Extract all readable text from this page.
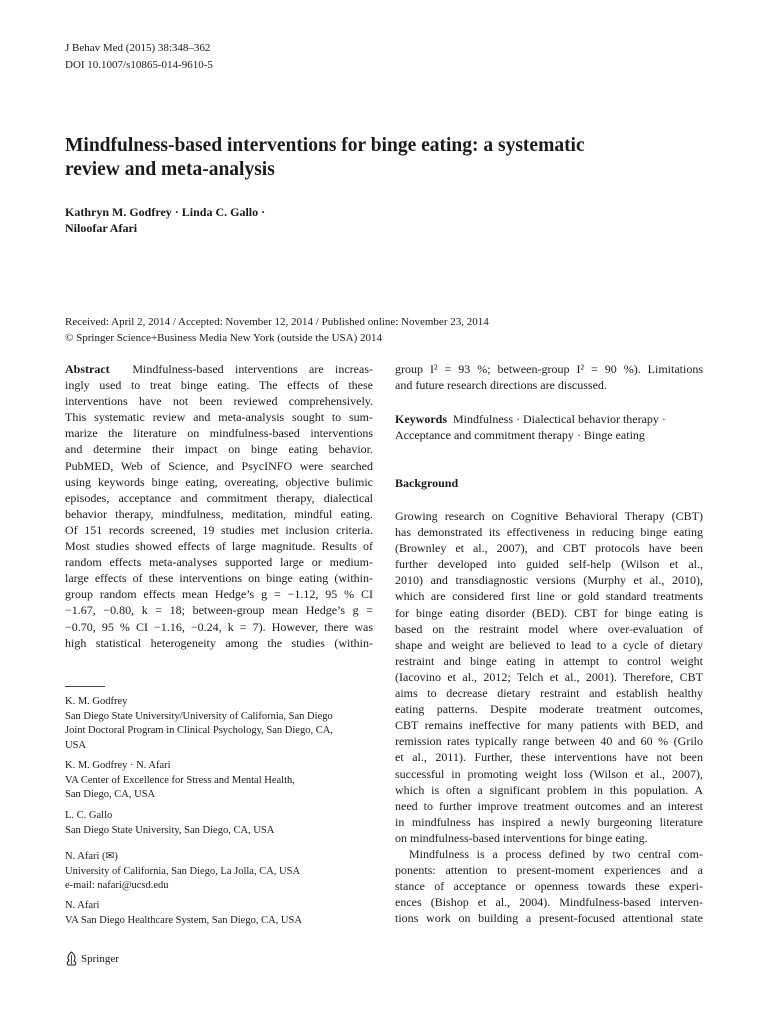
J Behav Med (2015) 38:348–362
DOI 10.1007/s10865-014-9610-5
Mindfulness-based interventions for binge eating: a systematic
review and meta-analysis
Kathryn M. Godfrey · Linda C. Gallo ·
Niloofar Afari
Received: April 2, 2014 / Accepted: November 12, 2014 / Published online: November 23, 2014
© Springer Science+Business Media New York (outside the USA) 2014
Abstract Mindfulness-based interventions are increas-
ingly used to treat binge eating. The effects of these
interventions have not been reviewed comprehensively.
This systematic review and meta-analysis sought to sum-
marize the literature on mindfulness-based interventions
and determine their impact on binge eating behavior.
PubMED, Web of Science, and PsycINFO were searched
using keywords binge eating, overeating, objective bulimic
episodes, acceptance and commitment therapy, dialectical
behavior therapy, mindfulness, meditation, mindful eating.
Of 151 records screened, 19 studies met inclusion criteria.
Most studies showed effects of large magnitude. Results of
random effects meta-analyses supported large or medium-
large effects of these interventions on binge eating (within-
group random effects mean Hedge’s g = −1.12, 95 % CI
−1.67, −0.80, k = 18; between-group mean Hedge’s g =
−0.70, 95 % CI −1.16, −0.24, k = 7). However, there was
high statistical heterogeneity among the studies (within-
K. M. Godfrey
San Diego State University/University of California, San Diego
Joint Doctoral Program in Clinical Psychology, San Diego, CA,
USA
K. M. Godfrey · N. Afari
VA Center of Excellence for Stress and Mental Health,
San Diego, CA, USA
L. C. Gallo
San Diego State University, San Diego, CA, USA
N. Afari (✉)
University of California, San Diego, La Jolla, CA, USA
e-mail: nafari@ucsd.edu
N. Afari
VA San Diego Healthcare System, San Diego, CA, USA
group I² = 93 %; between-group I² = 90 %). Limitations
and future research directions are discussed.
Keywords Mindfulness · Dialectical behavior therapy ·
Acceptance and commitment therapy · Binge eating
Background
Growing research on Cognitive Behavioral Therapy (CBT)
has demonstrated its effectiveness in reducing binge eating
(Brownley et al., 2007), and CBT protocols have been
further developed into guided self-help (Wilson et al.,
2010) and transdiagnostic versions (Murphy et al., 2010),
which are considered first line or gold standard treatments
for binge eating disorder (BED). CBT for binge eating is
based on the restraint model where over-evaluation of
shape and weight are believed to lead to a cycle of dietary
restraint and binge eating in attempt to control weight
(Iacovino et al., 2012; Telch et al., 2001). Therefore, CBT
aims to decrease dietary restraint and establish healthy
eating patterns. Despite moderate treatment outcomes,
CBT remains ineffective for many patients with BED, and
remission rates typically range between 40 and 60 % (Grilo
et al., 2011). Further, these interventions have not been
successful in promoting weight loss (Wilson et al., 2007),
which is often a significant problem in this population. A
need to further improve treatment outcomes and an interest
in mindfulness has inspired a newly burgeoning literature
on mindfulness-based interventions for binge eating.
Mindfulness is a process defined by two central com-
ponents: attention to present-moment experiences and a
stance of acceptance or openness towards these experi-
ences (Bishop et al., 2004). Mindfulness-based interven-
tions work on building a present-focused attentional state
Springer
